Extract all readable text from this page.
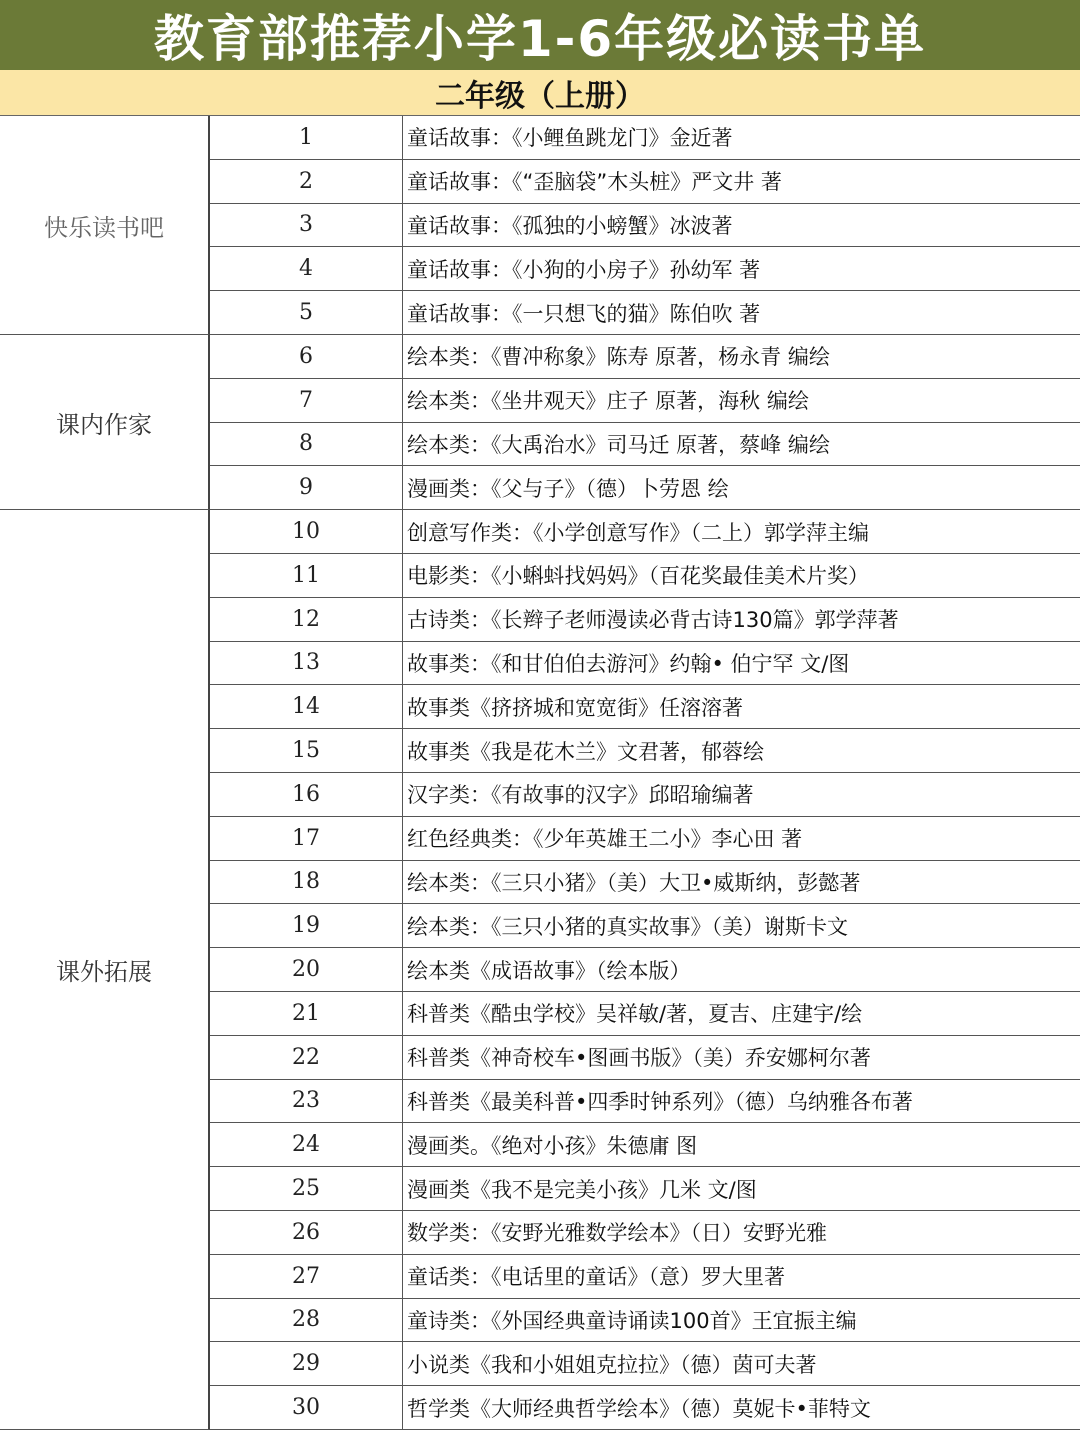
教育部推荐小学1-6年级必读书单
二年级（上册）
快乐读书吧
1	童话故事：《小鲤鱼跳龙门》金近著
2	童话故事：《“歪脑袋”木头桩》严文井 著
3	童话故事：《孤独的小螃蟹》冰波著
4	童话故事：《小狗的小房子》孙幼军 著
5	童话故事：《一只想飞的猫》陈伯吹 著
课内作家
6	绘本类：《曹冲称象》陈寿 原著，杨永青 编绘
7	绘本类：《坐井观天》庄子 原著，海秋 编绘
8	绘本类：《大禹治水》司马迁 原著，蔡峰 编绘
9	漫画类：《父与子》（德）卜劳恩 绘
课外拓展
10	创意写作类：《小学创意写作》（二上）郭学萍主编
11	电影类：《小蝌蚪找妈妈》（百花奖最佳美术片奖）
12	古诗类：《长辫子老师漫读必背古诗130篇》郭学萍著
13	故事类：《和甘伯伯去游河》约翰• 伯宁罕 文/图
14	故事类《挤挤城和宽宽街》任溶溶著
15	故事类《我是花木兰》文君著，郁蓉绘
16	汉字类：《有故事的汉字》邱昭瑜编著
17	红色经典类：《少年英雄王二小》李心田 著
18	绘本类：《三只小猪》（美）大卫•威斯纳，彭懿著
19	绘本类：《三只小猪的真实故事》（美）谢斯卡文
20	绘本类《成语故事》（绘本版）
21	科普类《酷虫学校》吴祥敏/著，夏吉、庄建宇/绘
22	科普类《神奇校车•图画书版》（美）乔安娜柯尔著
23	科普类《最美科普•四季时钟系列》（德）乌纳雅各布著
24	漫画类。《绝对小孩》朱德庸 图
25	漫画类《我不是完美小孩》几米 文/图
26	数学类：《安野光雅数学绘本》（日）安野光雅
27	童话类：《电话里的童话》（意）罗大里著
28	童诗类：《外国经典童诗诵读100首》王宜振主编
29	小说类《我和小姐姐克拉拉》（德）茵可夫著
30	哲学类《大师经典哲学绘本》（德）莫妮卡•菲特文
